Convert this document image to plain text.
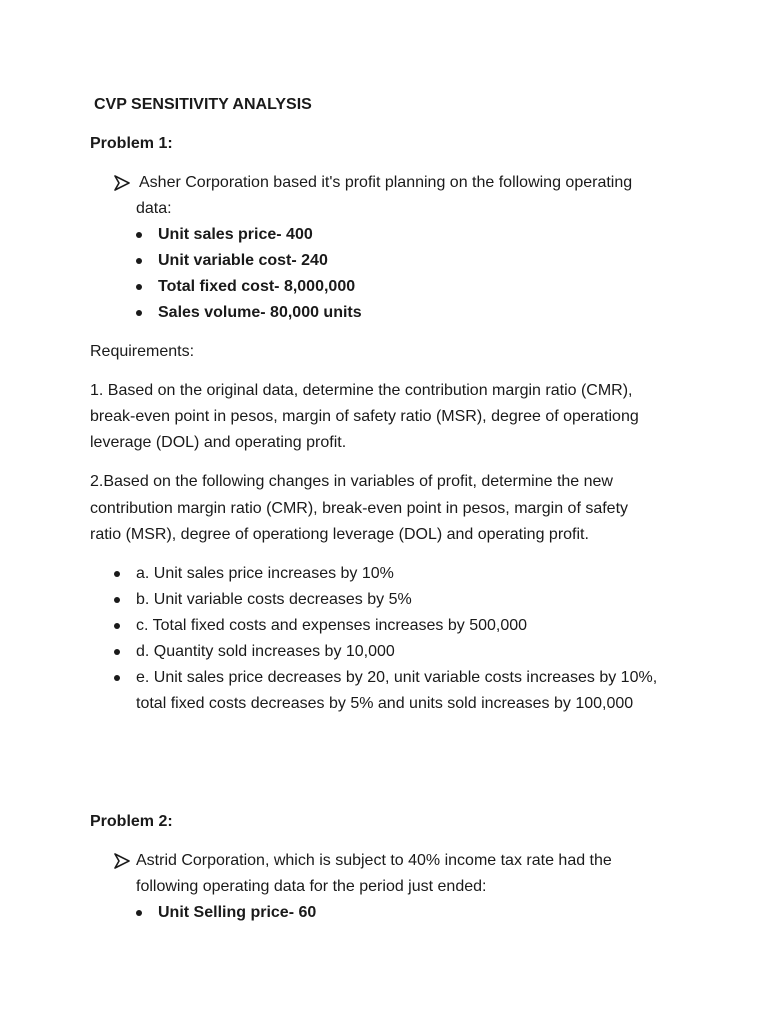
CVP SENSITIVITY ANALYSIS
Problem 1:
Asher Corporation based it's profit planning on the following operating
data:
Unit sales price- 400
Unit variable cost- 240
Total fixed cost- 8,000,000
Sales volume- 80,000 units
Requirements:
1. Based on the original data, determine the contribution margin ratio (CMR),
break-even point in pesos, margin of safety ratio (MSR), degree of operationg
leverage (DOL) and operating profit.
2.Based on the following changes in variables of profit, determine the new
contribution margin ratio (CMR), break-even point in pesos, margin of safety
ratio (MSR), degree of operationg leverage (DOL) and operating profit.
a. Unit sales price increases by 10%
b. Unit variable costs decreases by 5%
c. Total fixed costs and expenses increases by 500,000
d. Quantity sold increases by 10,000
e. Unit sales price decreases by 20, unit variable costs increases by 10%,
total fixed costs decreases by 5% and units sold increases by 100,000
Problem 2:
Astrid Corporation, which is subject to 40% income tax rate had the
following operating data for the period just ended:
Unit Selling price- 60
